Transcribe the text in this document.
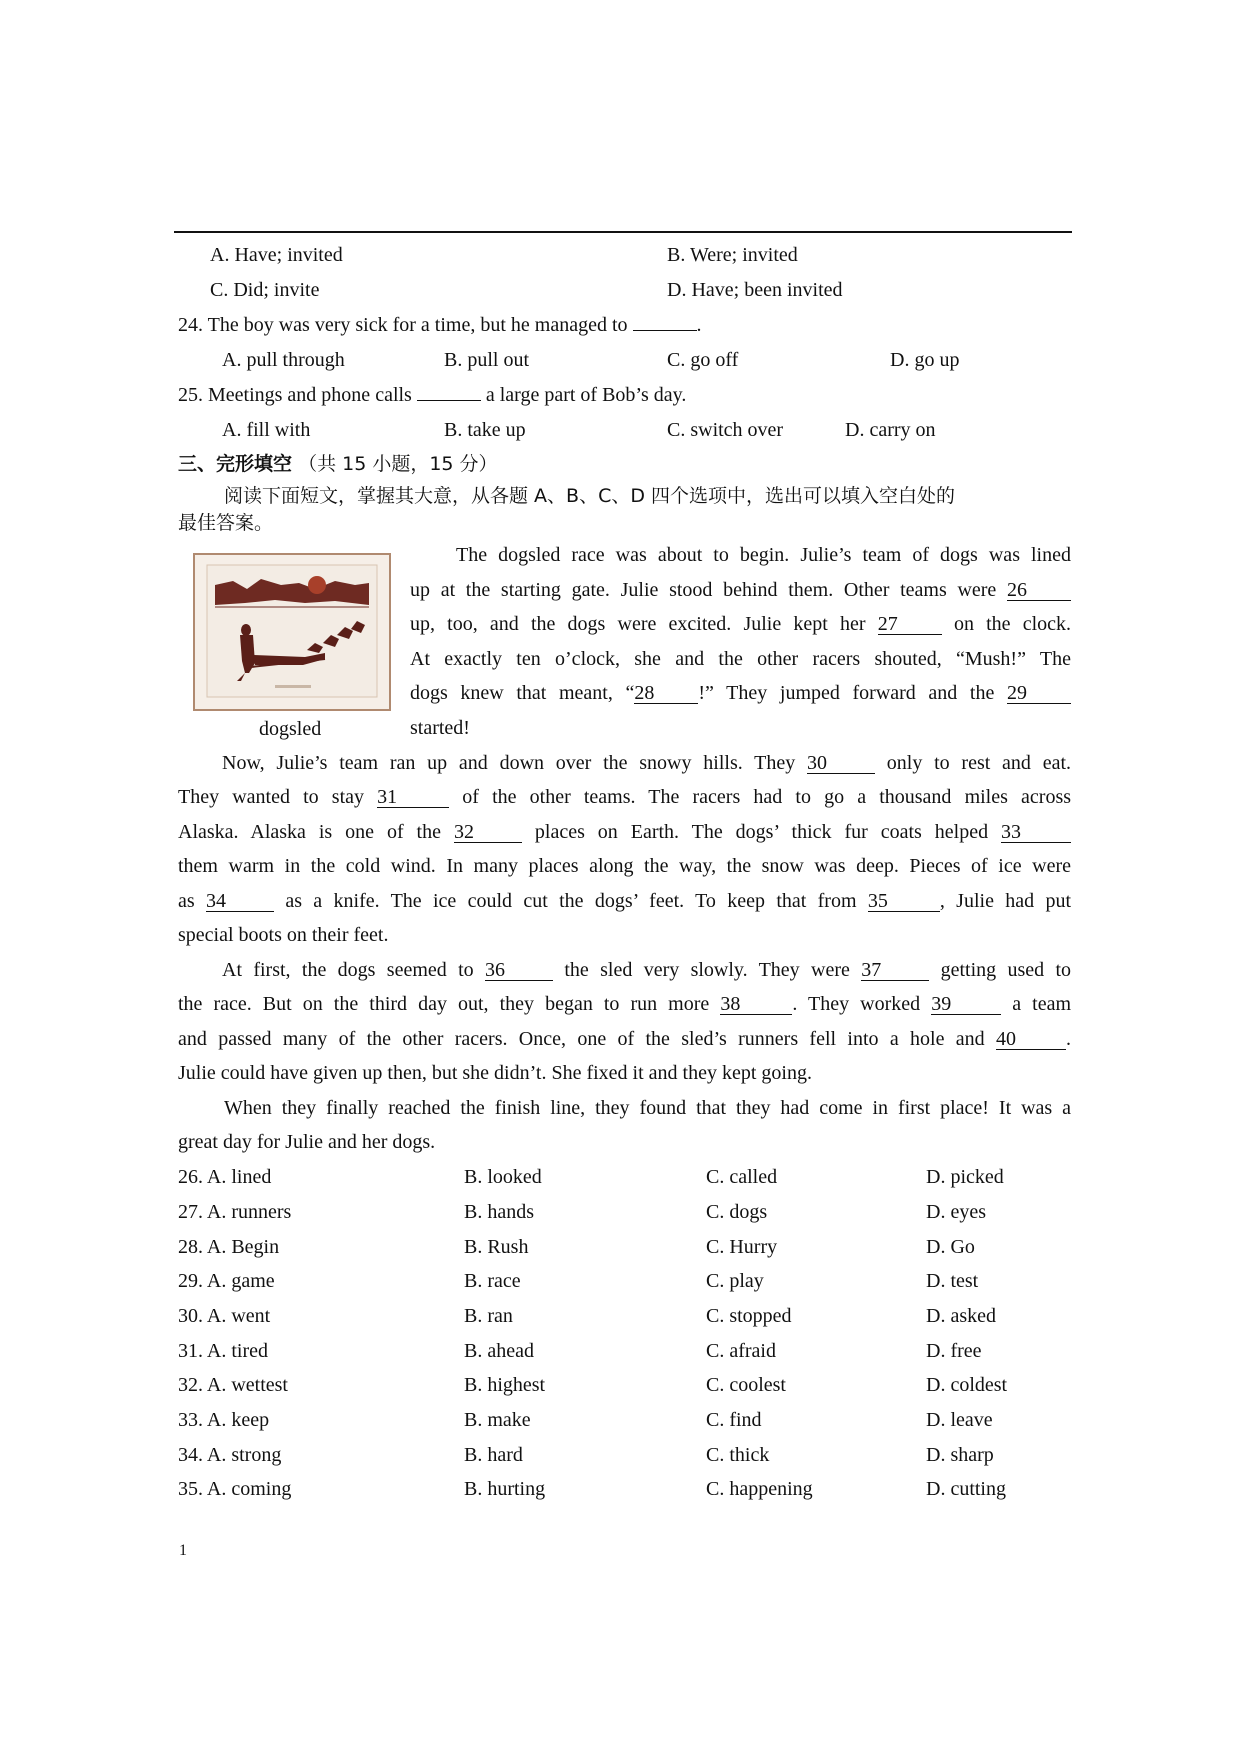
A. Have; invited	B. Were; invited
C. Did; invite	D. Have; been invited
24. The boy was very sick for a time, but he managed to	.
A. pull through	B. pull out	C. go off	D. go up
25. Meetings and phone calls	a large part of Bob’s day.
A. fill with	B. take up	C. switch over	D. carry on
三、完形填空 （共 15 小题，15 分）
阅读下面短文，掌握其大意，从各题 A、B、C、D 四个选项中，选出可以填入空白处的
最佳答案。
dogsled
The dogsled race was about to begin. Julie’s team of dogs was lined
up at the starting gate. Julie stood behind them. Other teams were 26
up, too, and the dogs were excited. Julie kept her 27	on the clock.
At exactly ten o’clock, she and the other racers shouted, “Mush!” The
dogs knew that meant, “28 !” They jumped forward and the 29
started!
Now, Julie’s team ran up and down over the snowy hills. They 30	only to rest and eat.
They wanted to stay 31	of the other teams. The racers had to go a thousand miles across
Alaska. Alaska is one of the 32	places on Earth. The dogs’ thick fur coats helped 33
them warm in the cold wind. In many places along the way, the snow was deep. Pieces of ice were
as 34	as a knife. The ice could cut the dogs’ feet. To keep that from 35	, Julie had put
special boots on their feet.
At first, the dogs seemed to 36	the sled very slowly. They were 37	getting used to
the race. But on the third day out, they began to run more 38	. They worked 39	a team
and passed many of the other racers. Once, one of the sled’s runners fell into a hole and 40	.
Julie could have given up then, but she didn’t. She fixed it and they kept going.
When they finally reached the finish line, they found that they had come in first place! It was a
great day for Julie and her dogs.
26. A. lined	B. looked	C. called	D. picked
27. A. runners	B. hands	C. dogs	D. eyes
28. A. Begin	B. Rush	C. Hurry	D. Go
29. A. game	B. race	C. play	D. test
30. A. went	B. ran	C. stopped	D. asked
31. A. tired	B. ahead	C. afraid	D. free
32. A. wettest	B. highest	C. coolest	D. coldest
33. A. keep	B. make	C. find	D. leave
34. A. strong	B. hard	C. thick	D. sharp
35. A. coming	B. hurting	C. happening	D. cutting
1
